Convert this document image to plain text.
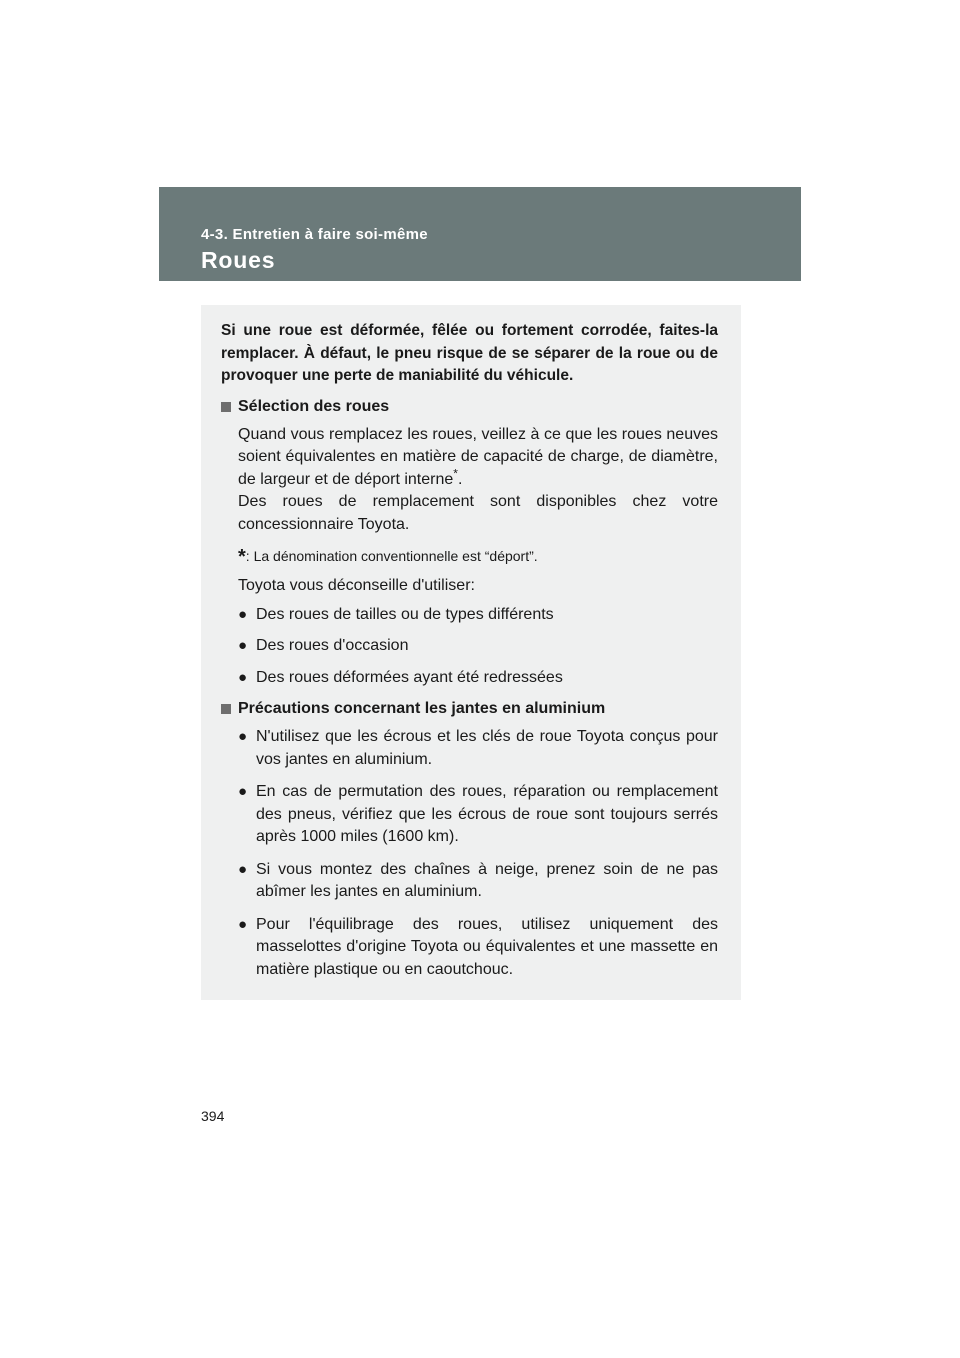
4-3. Entretien à faire soi-même
Roues

Si une roue est déformée, fêlée ou fortement corrodée, faites-la remplacer. À défaut, le pneu risque de se séparer de la roue ou de provoquer une perte de maniabilité du véhicule.

Sélection des roues

Quand vous remplacez les roues, veillez à ce que les roues neuves soient équivalentes en matière de capacité de charge, de diamètre, de largeur et de déport interne*.

Des roues de remplacement sont disponibles chez votre concessionnaire Toyota.

*: La dénomination conventionnelle est “déport”.

Toyota vous déconseille d'utiliser:

● Des roues de tailles ou de types différents
● Des roues d'occasion
● Des roues déformées ayant été redressées
Précautions concernant les jantes en aluminium
● N'utilisez que les écrous et les clés de roue Toyota conçus pour vos jantes en aluminium.
● En cas de permutation des roues, réparation ou remplacement des pneus, vérifiez que les écrous de roue sont toujours serrés après 1000 miles (1600 km).
● Si vous montez des chaînes à neige, prenez soin de ne pas abîmer les jantes en aluminium.
● Pour l'équilibrage des roues, utilisez uniquement des masselottes d'origine Toyota ou équivalentes et une massette en matière plastique ou en caoutchouc.
394
